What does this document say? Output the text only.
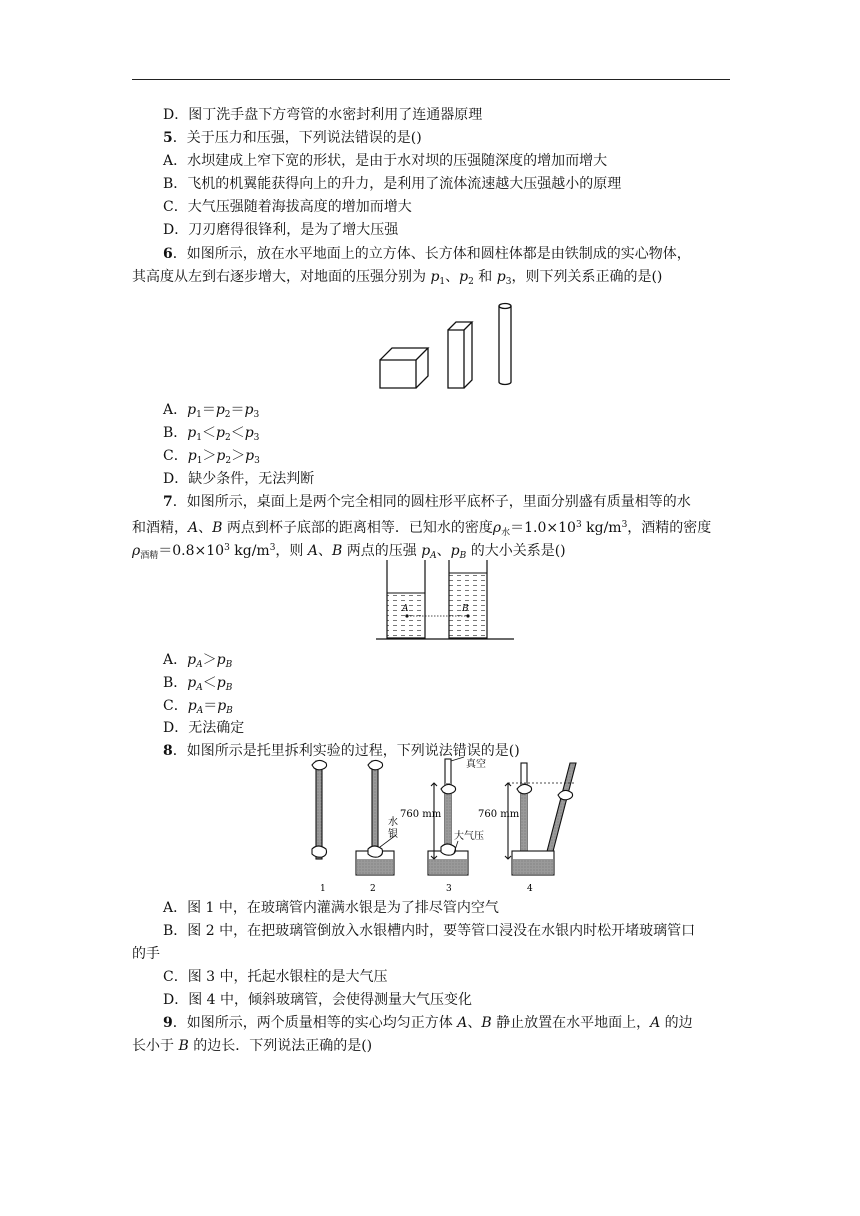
D．图丁洗手盘下方弯管的水密封利用了连通器原理
5．关于压力和压强，下列说法错误的是()
A．水坝建成上窄下宽的形状，是由于水对坝的压强随深度的增加而增大
B．飞机的机翼能获得向上的升力，是利用了流体流速越大压强越小的原理
C．大气压强随着海拔高度的增加而增大
D．刀刃磨得很锋利，是为了增大压强
6．如图所示，放在水平地面上的立方体、长方体和圆柱体都是由铁制成的实心物体，
其高度从左到右逐步增大，对地面的压强分别为 $p_1$、$p_2$ 和 $p_3$，则下列关系正确的是()
A．$p_1=p_2=p_3$
B．$p_1<p_2<p_3$
C．$p_1>p_2>p_3$
D．缺少条件，无法判断
7．如图所示，桌面上是两个完全相同的圆柱形平底杯子，里面分别盛有质量相等的水
和酒精，A、B 两点到杯子底部的距离相等．已知水的密度$\rho_水=1.0\times 10^3$ $kg/m^3$，酒精的密度
$\rho_{酒精}=0.8\times 10^3$ $kg/m^3$，则 A、B 两点的压强 $p_A$、$p_B$ 的大小关系是()
A	B
A．$p_A>p_B$
B．$p_A<p_B$
C．$p_A=p_B$
D．无法确定
8．如图所示是托里拆利实验的过程，下列说法错误的是()
真空
760 mm	760 mm
水
银	大气压
1	2	3	4
A．图 1 中，在玻璃管内灌满水银是为了排尽管内空气
B．图 2 中，在把玻璃管倒放入水银槽内时，要等管口浸没在水银内时松开堵玻璃管口
的手
C．图 3 中，托起水银柱的是大气压
D．图 4 中，倾斜玻璃管，会使得测量大气压变化
9．如图所示，两个质量相等的实心均匀正方体 A、B 静止放置在水平地面上，A 的边
长小于 B 的边长．下列说法正确的是()
